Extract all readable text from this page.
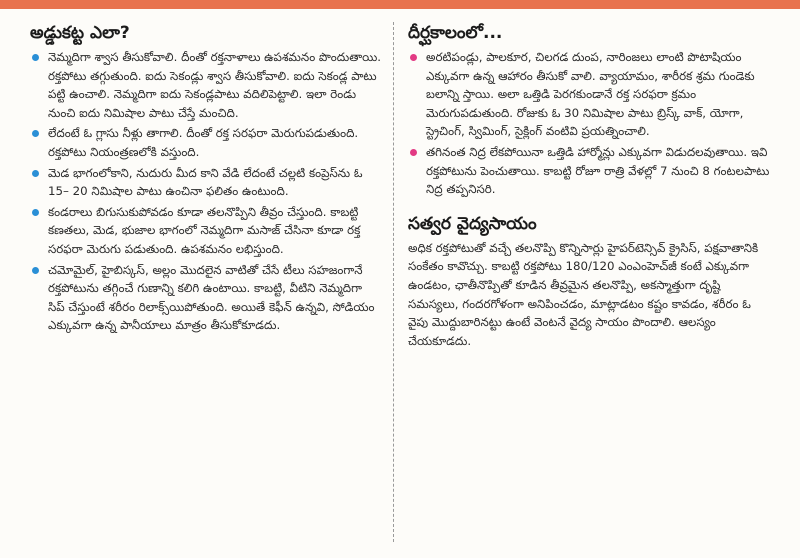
అడ్డుకట్ట ఎలా?
నెమ్మదిగా శ్వాస తీసుకోవాలి. దీంతో రక్తనాళాలు ఉపశమనం పొందుతాయి. రక్తపోటు తగ్గుతుంది. ఐదు సెకండ్లు శ్వాస తీసుకోవాలి. ఐదు సెకండ్ల పాటు పట్టి ఉంచాలి. నెమ్మదిగా ఐదు సెకండ్లపాటు వదిలిపెట్టాలి. ఇలా రెండు నుంచి ఐదు నిమిషాల పాటు చేస్తే మంచిది.
లేదంటే ఓ గ్లాసు నీళ్లు తాగాలి. దీంతో రక్త సరఫరా మెరుగుపడుతుంది. రక్తపోటు నియంత్రణలోకి వస్తుంది.
మెడ భాగంలోకాని, నుదురు మీద కాని వేడి లేదంటే చల్లటి కంప్రెస్‌ను ఓ 15– 20 నిమిషాల పాటు ఉంచినా ఫలితం ఉంటుంది.
కండరాలు బిగుసుకుపోవడం కూడా తలనొప్పిని తీవ్రం చేస్తుంది. కాబట్టి కణతలు, మెడ, భుజాల భాగంలో నెమ్మదిగా మసాజ్ చేసినా కూడా రక్త సరఫరా మెరుగు పడుతుంది. ఉపశమనం లభిస్తుంది.
చమోమైల్, హైబిస్కస్, అల్లం మొదలైన వాటితో చేసే టీలు సహజంగానే రక్తపోటును తగ్గించే గుణాన్ని కలిగి ఉంటాయి. కాబట్టి, వీటిని నెమ్మదిగా సిప్ చేస్తుంటే శరీరం రిలాక్స్‌యిపోతుంది. అయితే కెఫీన్ ఉన్నవి, సోడియం ఎక్కువగా ఉన్న పానీయాలు మాత్రం తీసుకోకూడదు.
దీర్ఘకాలంలో...
అరటిపండ్లు, పాలకూర, చిలగడ దుంప, నారింజలు లాంటి పొటాషియం ఎక్కువగా ఉన్న ఆహారం తీసుకో వాలి. వ్యాయామం, శారీరక శ్రమ గుండెకు బలాన్ని స్తాయి. అలా ఒత్తిడి పెరగకుండానే రక్త సరఫరా క్రమం మెరుగుపడుతుంది. రోజుకు ఓ 30 నిమిషాల పాటు బ్రిస్క్ వాక్, యోగా, స్ట్రెచింగ్, స్విమింగ్, సైక్లింగ్ వంటివి ప్రయత్నించాలి.
తగినంత నిద్ర లేకపోయినా ఒత్తిడి హార్మోన్లు ఎక్కువగా విడుదలవుతాయి. ఇవి రక్తపోటును పెంచుతాయి. కాబట్టి రోజూ రాత్రి వేళల్లో 7 నుంచి 8 గంటలపాటు నిద్ర తప్పనిసరి.
సత్వర వైద్యసాయం

అధిక రక్తపోటుతో వచ్చే తలనొప్పి కొన్నిసార్లు హైపర్‌టెన్సివ్ క్రైసిస్, పక్షవాతానికి సంకేతం కావొచ్చు. కాబట్టి రక్తపోటు 180/120 ఎంఎంహెచ్‌జీ కంటే ఎక్కువగా ఉండటం, ఛాతీనొప్పితో కూడిన తీవ్రమైన తలనొప్పి, అకస్మాత్తుగా దృష్టి సమస్యలు, గందరగోళంగా అనిపించడం, మాట్లాడటం కష్టం కావడం, శరీరం ఓ వైపు మొద్దుబారినట్టు ఉంటే వెంటనే వైద్య సాయం పొందాలి. ఆలస్యం చేయకూడదు.
